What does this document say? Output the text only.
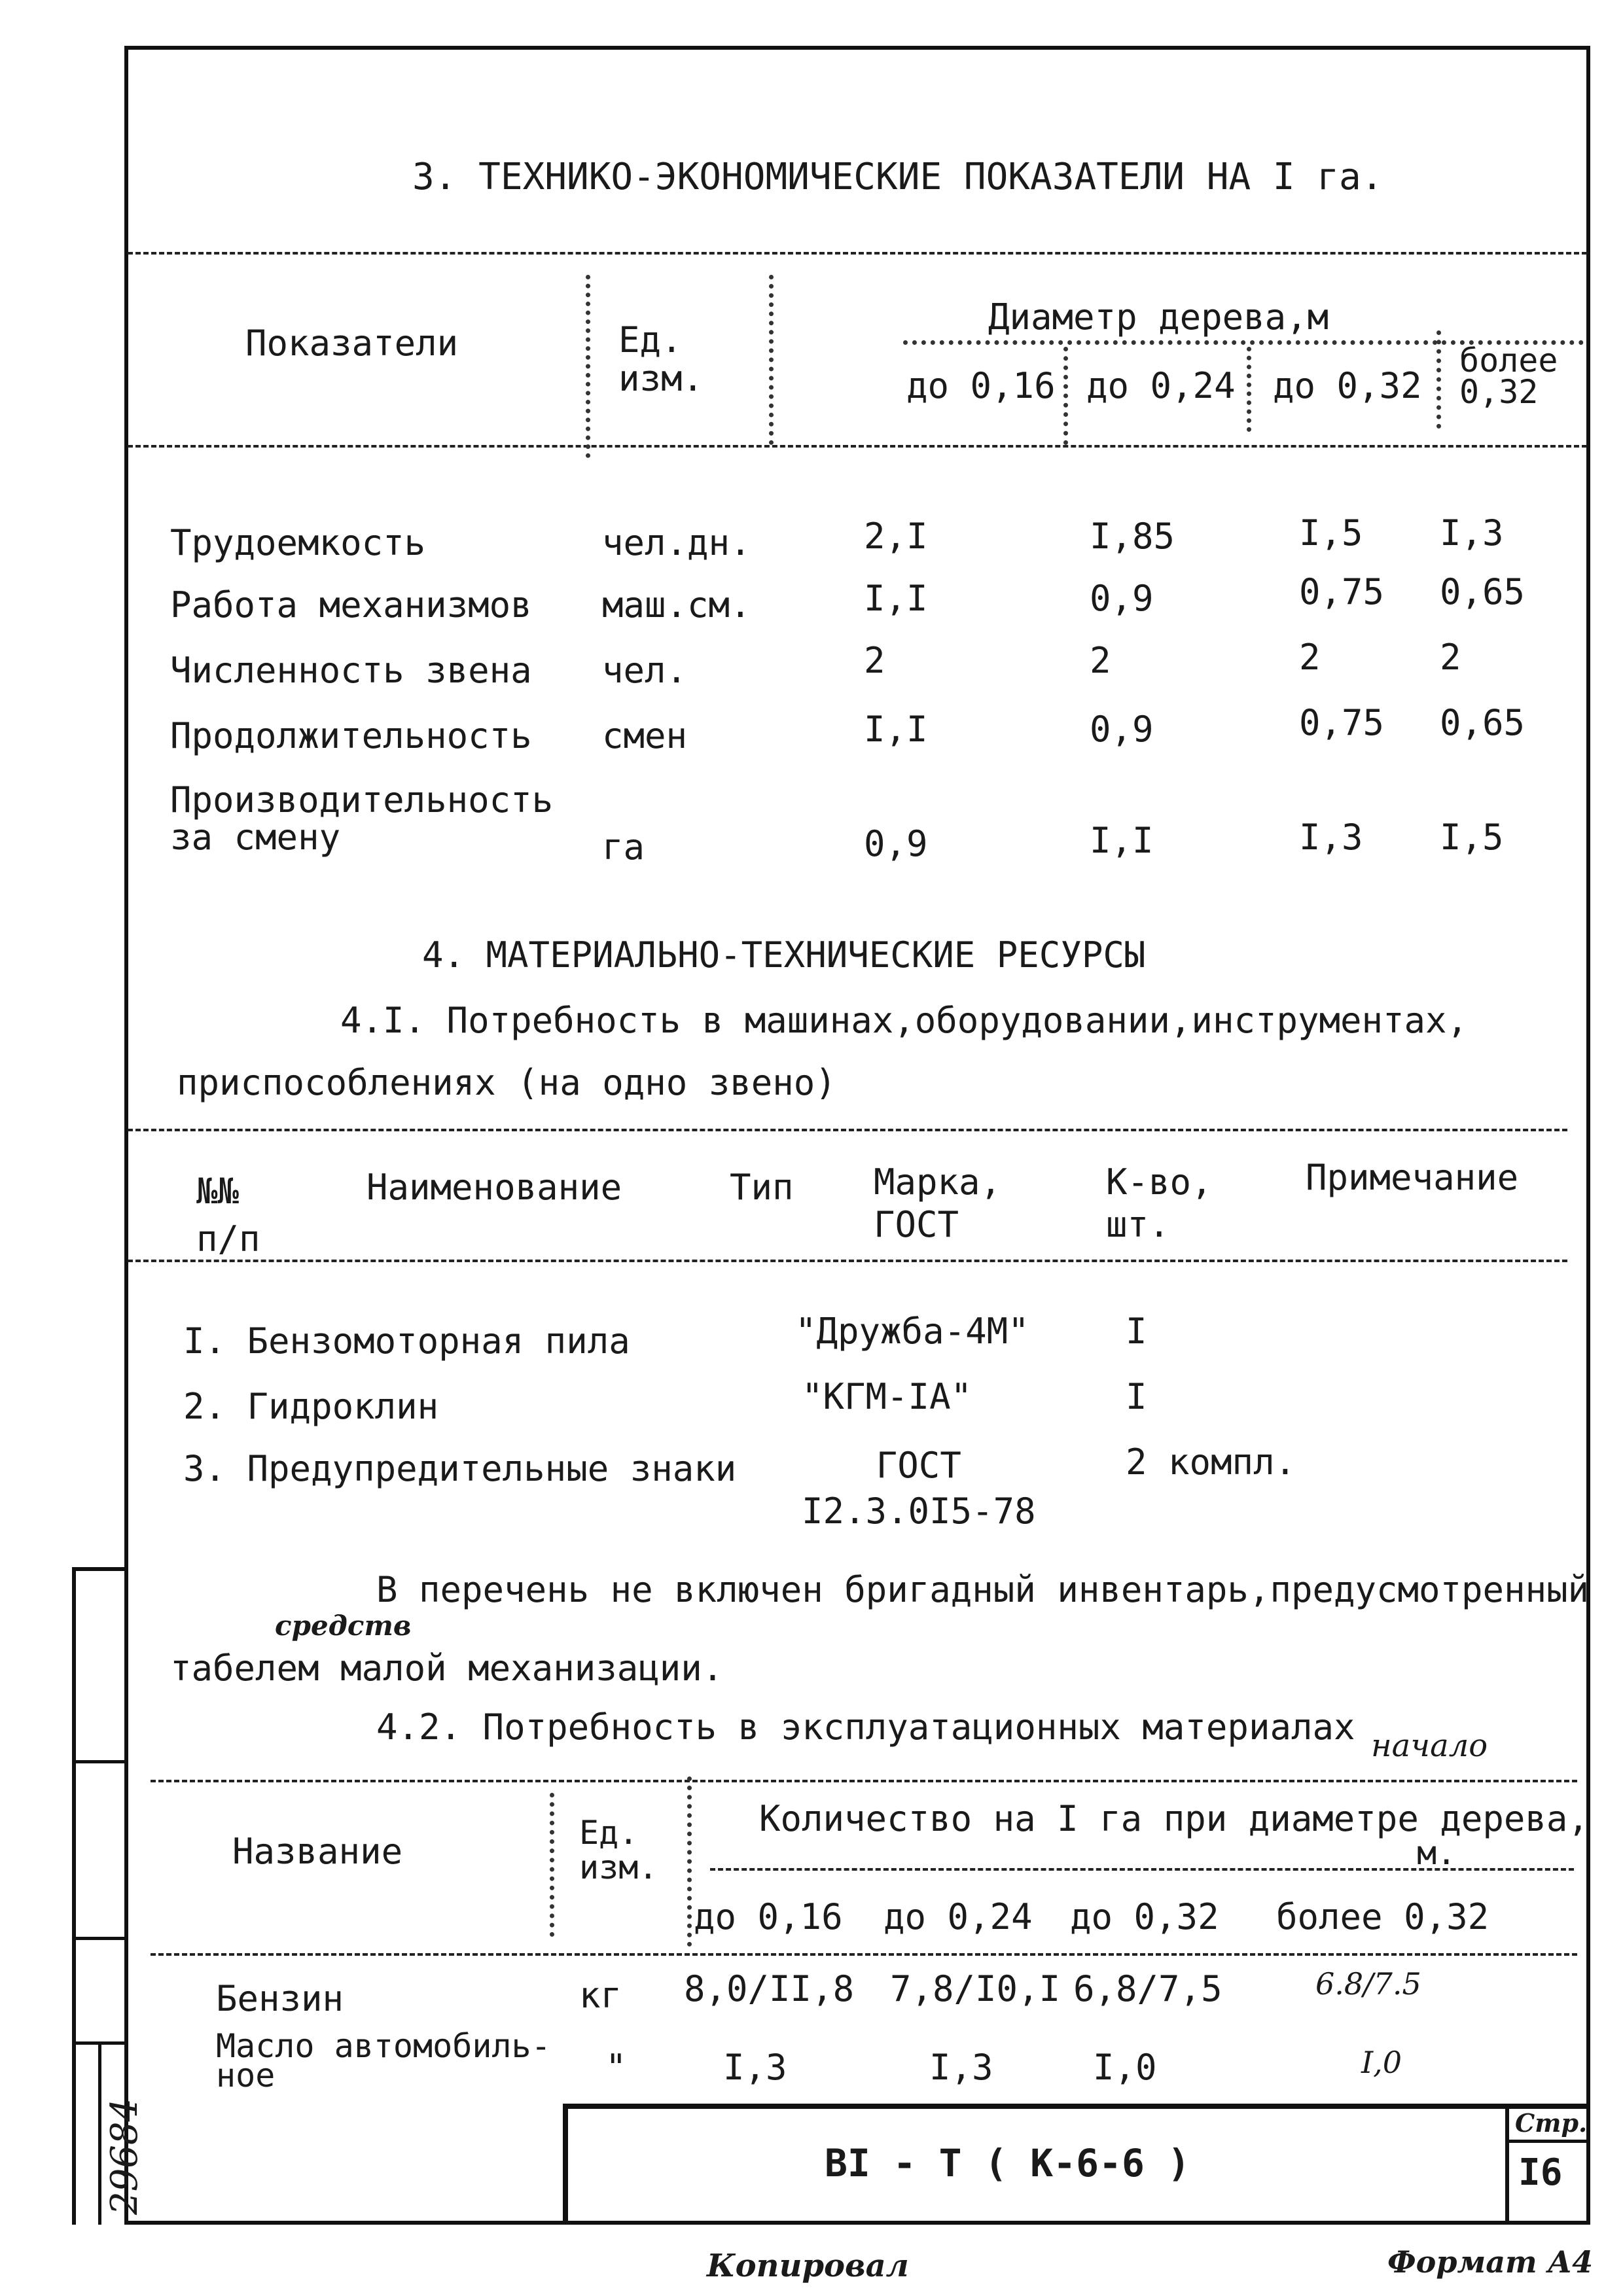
3. ТЕХНИКО-ЭКОНОМИЧЕСКИЕ ПОКАЗАТЕЛИ НА I га.
Показатели	Ед.
изм.
Диаметр дерева,м
до 0,16 до 0,24 до 0,32
более
0,32
Трудоемкость	чел.дн.	2,I	I,85	I,5 I,3
Работа механизмов маш.см.	I,I	0,9	0,75 0,65
Численность звена чел.	2	2	2	2
Продолжительность смен	I,I	0,9	0,75 0,65
Производительность
за смену	га	0,9	I,I	I,3 I,5
4. МАТЕРИАЛЬНО-ТЕХНИЧЕСКИЕ РЕСУРСЫ
4.I. Потребность в машинах,оборудовании,инструментах,
приспособлениях (на одно звено)
№№
п/п
Наименование	Тип Марка,
ГОСТ
К-во,
шт.
Примечание
I. Бензомоторная пила	"Дружба-4М"	I
2. Гидроклин	"КГМ-IА"	I
3. Предупредительные знаки	ГОСТ
I2.3.0I5-78
2 компл.
В перечень не включен бригадный инвентарь,предусмотренный
средств
табелем малой механизации.
4.2. Потребность в эксплуатационных материалах начало
Название	Ед.
изм.
Количество на I га при диаметре дерева,
м.
до 0,16 до 0,24 до 0,32 более 0,32
Бензин	кг 8,0/II,8 7,8/I0,I 6,8/7,5	6.8/7.5
Масло автомобиль-
ное	"	I,3	I,3	I,0	I,0
ВI - Т ( К-6-6 )
Стр.
I6
29684
Копировал	Формат А4
